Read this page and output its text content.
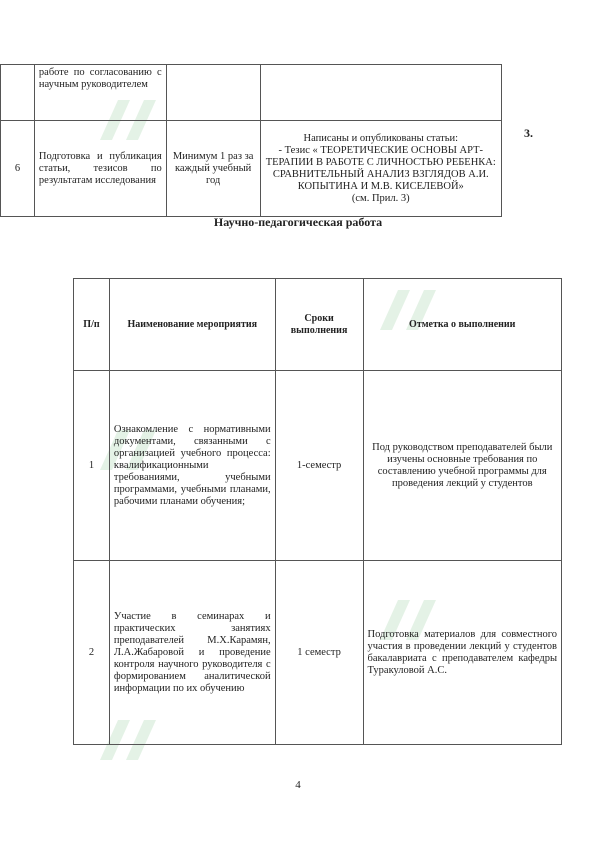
	работе по согласованию с научным руководителем		
6	Подготовка и публикация статьи, тезисов по результатам исследования	Минимум 1 раз за каждый учебный год	Написаны и опубликованы статьи:
- Тезис « ТЕОРЕТИЧЕСКИЕ ОСНОВЫ АРТ-ТЕРАПИИ В РАБОТЕ С ЛИЧНОСТЬЮ РЕБЕНКА: СРАВНИТЕЛЬНЫЙ АНАЛИЗ ВЗГЛЯДОВ А.И. КОПЫТИНА И М.В. КИСЕЛЕВОЙ»
(см. Прил. 3)
3.
Научно-педагогическая работа
П/п	Наименование мероприятия	Сроки выполнения	Отметка о выполнении
1	Ознакомление с нормативными документами, связанными с организацией учебного процесса: квалификационными требованиями, учебными программами, учебными планами, рабочими планами обучения;	1-семестр	Под руководством преподавателей были изучены основные требования по составлению учебной программы для проведения лекций у студентов
2	Участие в семинарах и практических занятиях преподавателей М.Х.Карамян, Л.А.Жабаровой и проведение контроля научного руководителя с формированием аналитической информации по их обучению	1 семестр	Подготовка материалов для совместного участия в проведении лекций у студентов бакалавриата с преподавателем кафедры Туракуловой А.С.
4
